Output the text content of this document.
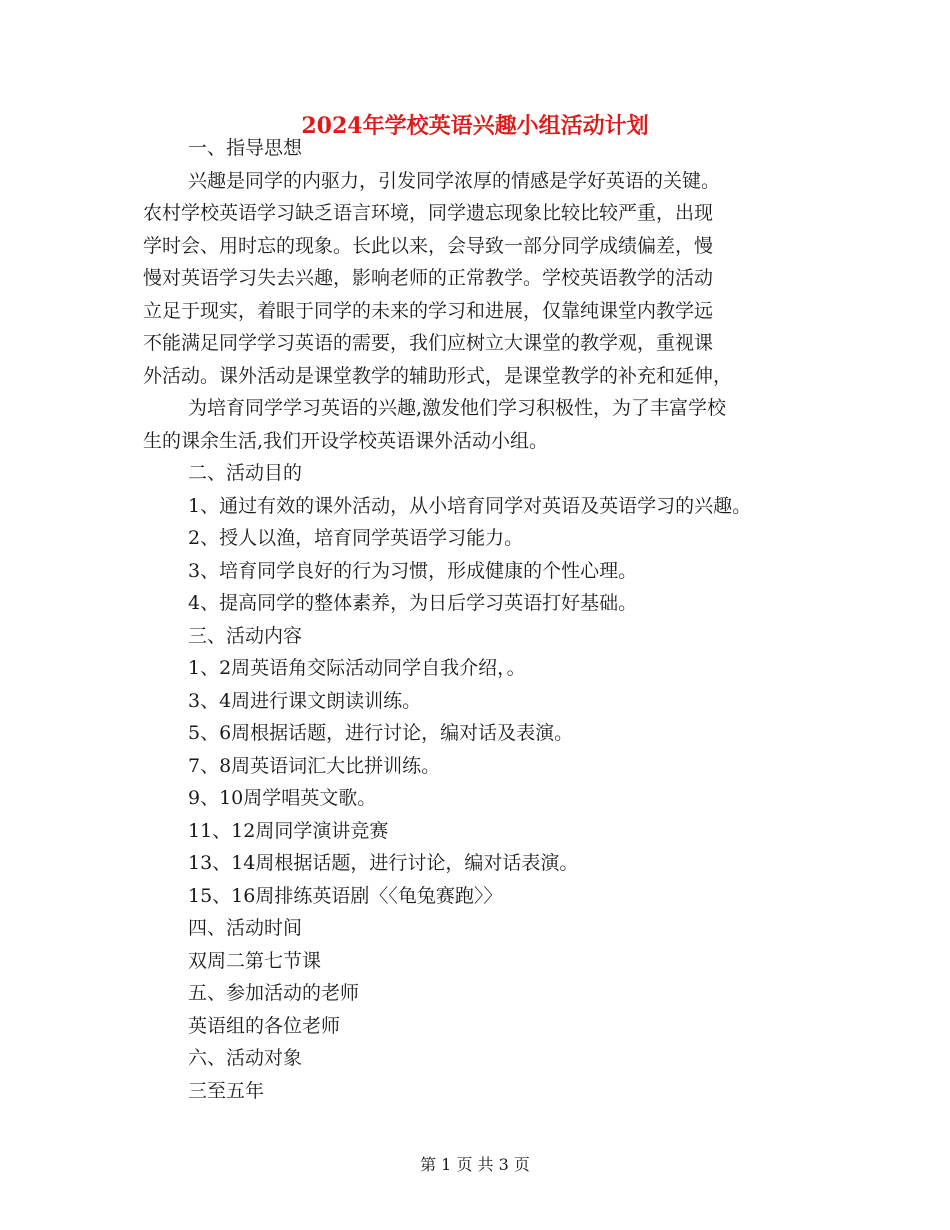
2024年学校英语兴趣小组活动计划
一、指导思想
兴趣是同学的内驱力，引发同学浓厚的情感是学好英语的关键。
农村学校英语学习缺乏语言环境，同学遗忘现象比较比较严重，出现
学时会、用时忘的现象。长此以来，会导致一部分同学成绩偏差，慢
慢对英语学习失去兴趣，影响老师的正常教学。学校英语教学的活动
立足于现实，着眼于同学的未来的学习和进展，仅靠纯课堂内教学远
不能满足同学学习英语的需要，我们应树立大课堂的教学观，重视课
外活动。课外活动是课堂教学的辅助形式，是课堂教学的补充和延伸，
为培育同学学习英语的兴趣,激发他们学习积极性，为了丰富学校
生的课余生活,我们开设学校英语课外活动小组。
二、活动目的
1、通过有效的课外活动，从小培育同学对英语及英语学习的兴趣。
2、授人以渔，培育同学英语学习能力。
3、培育同学良好的行为习惯，形成健康的个性心理。
4、提高同学的整体素养，为日后学习英语打好基础。
三、活动内容
1、2周英语角交际活动同学自我介绍，。
3、4周进行课文朗读训练。
5、6周根据话题，进行讨论，编对话及表演。
7、8周英语词汇大比拼训练。
9、10周学唱英文歌。
11、12周同学演讲竞赛
13、14周根据话题，进行讨论，编对话表演。
15、16周排练英语剧〈〈龟兔赛跑〉〉
四、活动时间
双周二第七节课
五、参加活动的老师
英语组的各位老师
六、活动对象
三至五年
第 1 页 共 3 页
